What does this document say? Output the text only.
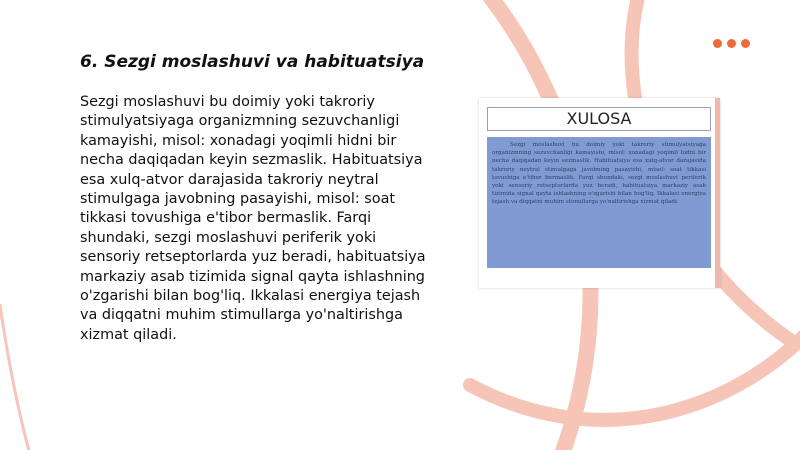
6. Sezgi moslashuvi va habituatsiya

Sezgi moslashuvi bu doimiy yoki takroriy stimulyatsiyaga organizmning sezuvchanligi kamayishi, misol: xonadagi yoqimli hidni bir necha daqiqadan keyin sezmaslik. Habituatsiya esa xulq-atvor darajasida takroriy neytral stimulgaga javobning pasayishi, misol: soat tikkasi tovushiga e'tibor bermaslik. Farqi shundaki, sezgi moslashuvi periferik yoki sensoriy retseptorlarda yuz beradi, habituatsiya markaziy asab tizimida signal qayta ishlashning o'zgarishi bilan bog'liq. Ikkalasi energiya tejash va diqqatni muhim stimullarga yo'naltirishga xizmat qiladi.

XULOSA
Sezgi moslashuvi bu doimiy yoki takroriy stimulyatsiyaga organizmning sezuvchanligi kamayishi, misol: xonadagi yoqimli hidni bir necha daqiqadan keyin sezmaslik. Habituatsiya esa xulq-atvor darajasida takroriy neytral stimulgaga javobning pasayishi, misol: soat tikkasi tovushiga e'tibor bermaslik. Farqi shundaki, sezgi moslashuvi periferik yoki sensoriy retseptorlarda yuz beradi, habituatsiya markaziy asab tizimida signal qayta ishlashning o'zgarishi bilan bog'liq. Ikkalasi energiya tejash va diqqatni muhim stimullarga yo'naltirishga xizmat qiladi.
